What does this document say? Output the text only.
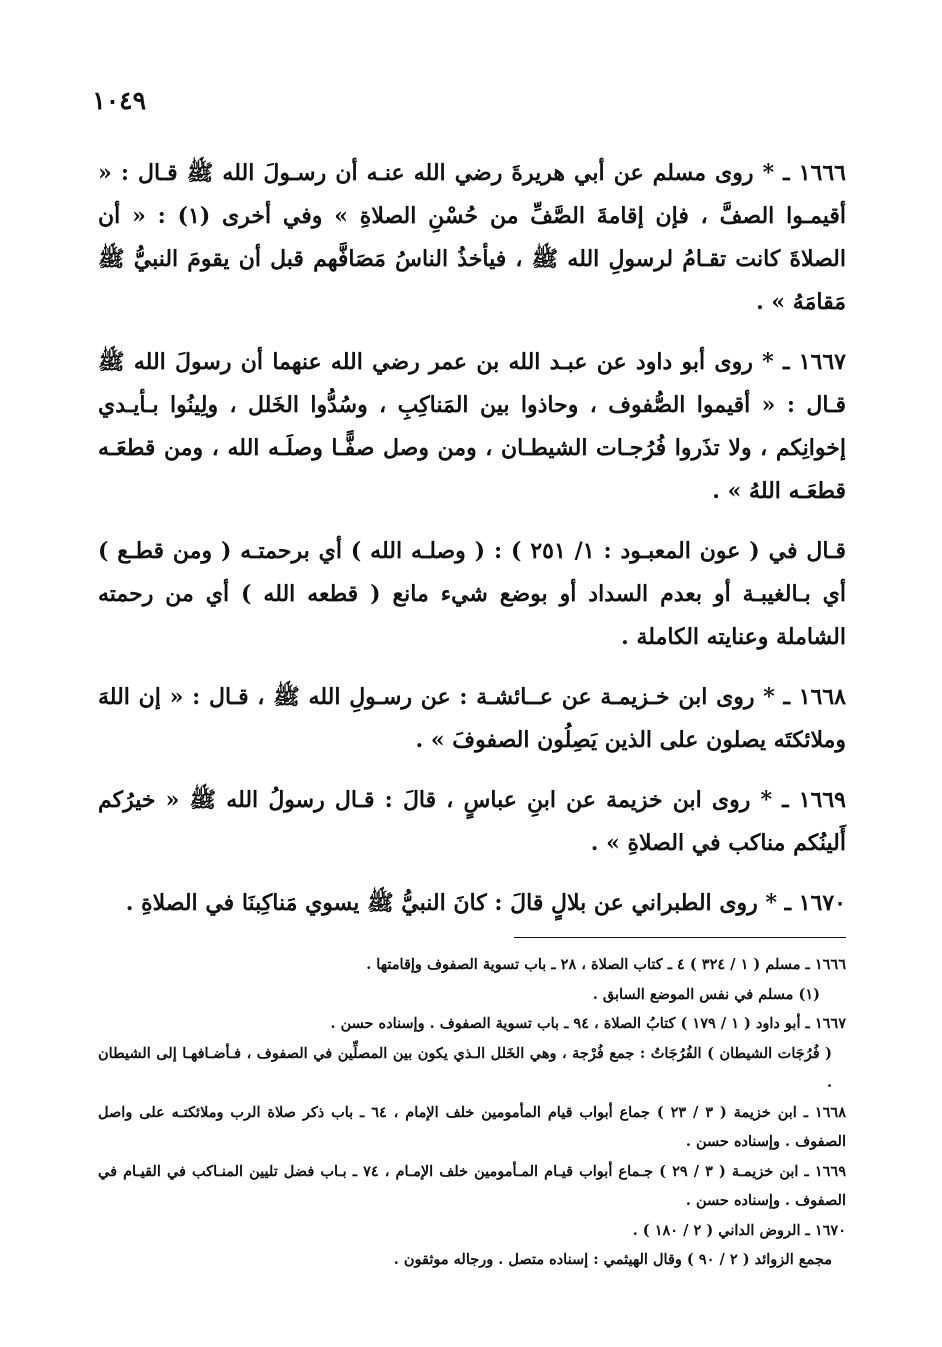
١٠٤٩

١٦٦٦ ـ * روى مسلم عن أبي هريرةَ رضي الله عنـه أن رسـولَ الله ﷺ قـال : « أقيمـوا الصفَّ ، فإن إقامةَ الصَّفِّ من حُسْنِ الصلاةِ » وفي أخرى (١) : « أن الصلاةَ كانت تقـامُ لرسولِ الله ﷺ ، فيأخذُ الناسُ مَصَافَّهم قبل أن يقومَ النبيُّ ﷺ مَقامَهُ » .

١٦٦٧ ـ * روى أبو داود عن عبـد الله بن عمر رضي الله عنهما أن رسولَ الله ﷺ قـال : « أقيموا الصُّفوف ، وحاذوا بين المَناكِبِ ، وسُدُّوا الخَلل ، ولِينُوا بـأيـدي إخوانِكم ، ولا تذَروا فُرُجـات الشيطـان ، ومن وصل صفًّـا وصلَـه الله ، ومن قطعَـه قطعَـه اللهُ » .

قـال في ( عون المعبـود : ١/ ٢٥١ ) : ( وصلـه الله ) أي برحمتـه ( ومن قطـع ) أي بـالغيبـة أو بعدم السداد أو بوضع شيء مانع ( قطعه الله ) أي من رحمته الشاملة وعنايته الكاملة .

١٦٦٨ ـ * روى ابن خـزيمـة عن عــائشـة : عن رسـولِ الله ﷺ ، قـال : « إن اللهَ وملائكتَه يصلون على الذين يَصِلُون الصفوفَ » .

١٦٦٩ ـ * روى ابن خزيمة عن ابنِ عباسٍ ، قالَ : قـال رسولُ الله ﷺ « خيرُكم أَلينُكم مناكب في الصلاةِ » .

١٦٧٠ ـ * روى الطبراني عن بلالٍ قالَ : كانَ النبيُّ ﷺ يسوي مَناكِبنَا في الصلاةِ .

١٦٦٦ ـ مسلم ( ١ / ٣٢٤ ) ٤ ـ كتاب الصلاة ، ٢٨ ـ باب تسوية الصفوف وإقامتها .

(١) مسلم في نفس الموضع السابق .

١٦٦٧ ـ أبو داود ( ١ / ١٧٩ ) كتابُ الصلاة ، ٩٤ ـ باب تسوية الصفوف . وإسناده حسن .

( فُرُجَات الشيطان ) الفُرُجَاتُ : جمع فُرْجة ، وهي الخَلل الـذي يكون بين المصلِّين في الصفوف ، فـأضـافهـا إلى الشيطان .

١٦٦٨ ـ ابن خزيمة ( ٣ / ٢٣ ) جماع أبواب قيام المأمومين خلف الإمام ، ٦٤ ـ باب ذكر صلاة الرب وملائكتـه على واصل الصفوف . وإسناده حسن .

١٦٦٩ ـ ابن خزيمـة ( ٣ / ٢٩ ) جـماع أبواب قيـام المـأمومين خلف الإمـام ، ٧٤ ـ بـاب فضل تليين المنـاكب في القيـام في الصفوف . وإسناده حسن .

١٦٧٠ ـ الروض الداني ( ٢ / ١٨٠ ) .

مجمع الزوائد ( ٢ / ٩٠ ) وقال الهيثمي : إسناده متصل . ورجاله موثقون .
